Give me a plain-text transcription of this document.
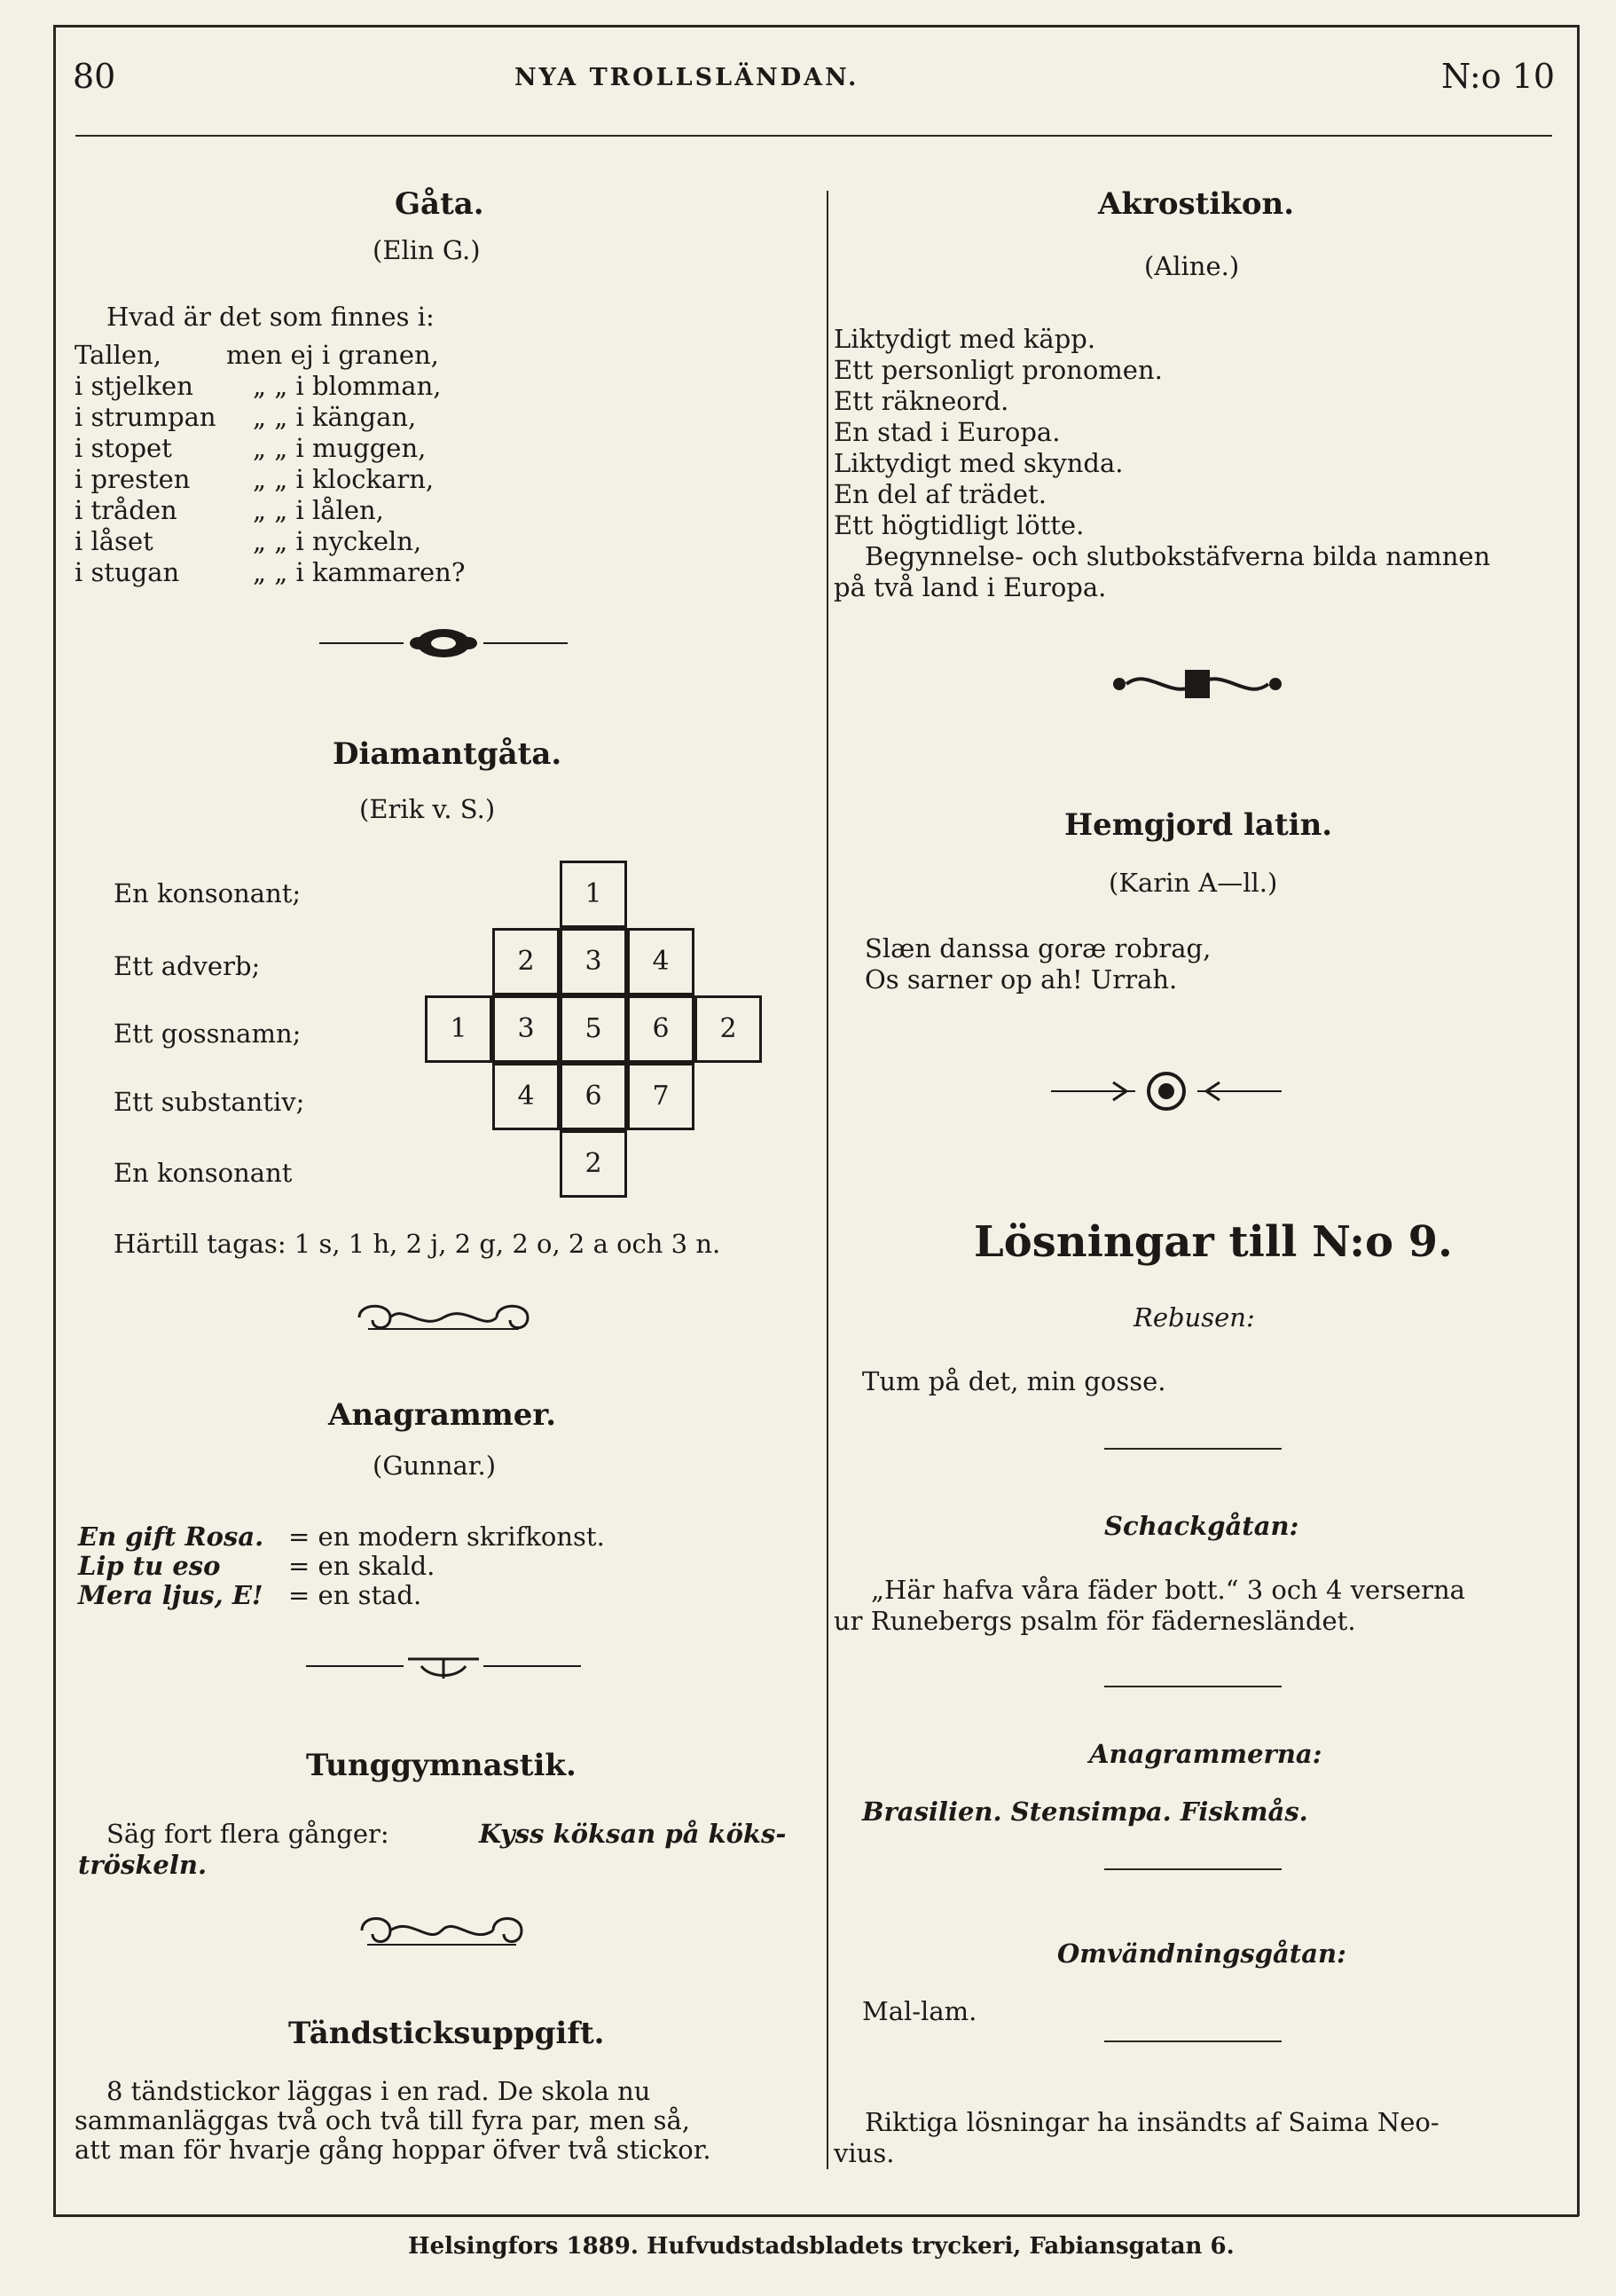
80	NYA TROLLSLÄNDAN.	N:o 10
Gåta.
(Elin G.)
Hvad är det som finnes i:
Tallen,	men ej i granen,
i stjelken „ „ i blomman,
i strumpan „ „ i kängan,
i stopet	„ „ i muggen,
i presten „ „ i klockarn,
i tråden	„ „ i lålen,
i låset	„ „ i nyckeln,
i stugan	„ „ i kammaren?
Diamantgåta.
(Erik v. S.)
En konsonant;
Ett adverb;
Ett gossnamn;
Ett substantiv;
En konsonant
1
2	3	4
1	3	5	6	2
4	6	7
2
Härtill tagas: 1 s, 1 h, 2 j, 2 g, 2 o, 2 a och 3 n.
Anagrammer.
(Gunnar.)
En gift Rosa. = en modern skrifkonst.
Lip tu eso	= en skald.
Mera ljus, E! = en stad.
Tunggymnastik.
Säg fort flera gånger:	Kyss köksan på köks-
tröskeln.
Tändsticksuppgift.
8 tändstickor läggas i en rad. De skola nu
sammanläggas två och två till fyra par, men så,
att man för hvarje gång hoppar öfver två stickor.
Akrostikon.
(Aline.)
Liktydigt med käpp.
Ett personligt pronomen.
Ett räkneord.
En stad i Europa.
Liktydigt med skynda.
En del af trädet.
Ett högtidligt lötte.
Begynnelse- och slutbokstäfverna bilda namnen
på två land i Europa.
Hemgjord latin.
(Karin A—ll.)
Slæn danssa goræ robrag,
Os sarner op ah! Urrah.
Lösningar till N:o 9.
Rebusen:
Tum på det, min gosse.
Schackgåtan:
„Här hafva våra fäder bott.“ 3 och 4 verserna
ur Runebergs psalm för fädernesländet.
Anagrammerna:
Brasilien. Stensimpa. Fiskmås.
Omvändningsgåtan:
Mal-lam.
Riktiga lösningar ha insändts af Saima Neo-
vius.
Helsingfors 1889. Hufvudstadsbladets tryckeri, Fabiansgatan 6.
